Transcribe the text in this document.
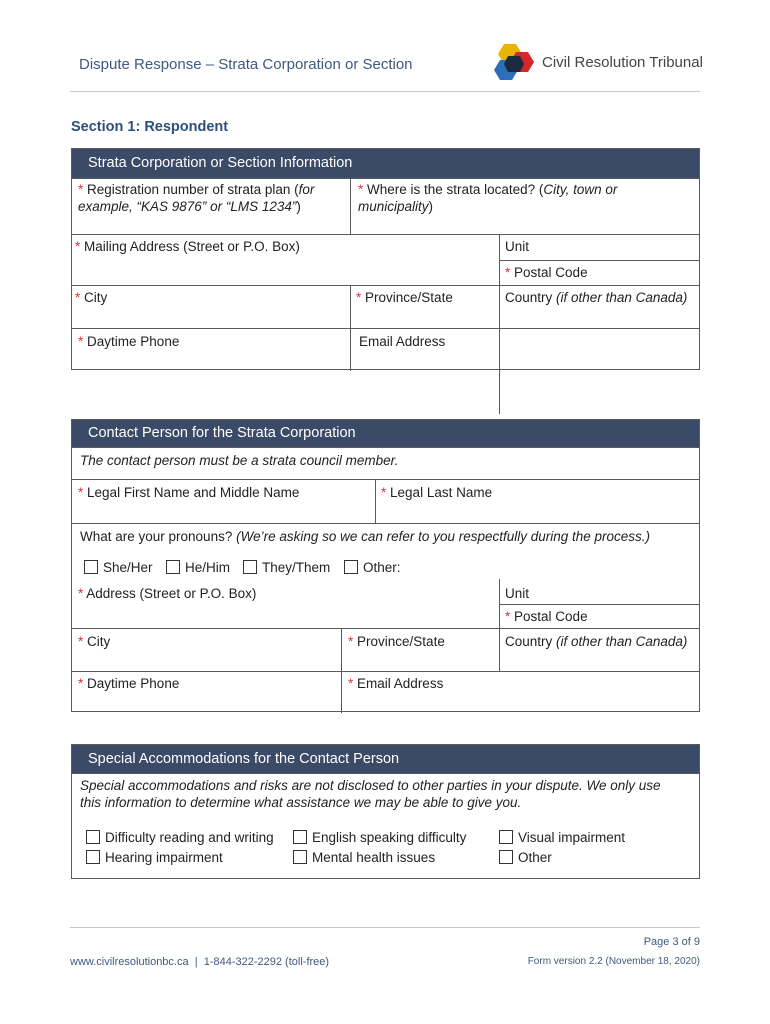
Dispute Response – Strata Corporation or Section	Civil Resolution Tribunal
Section 1: Respondent
Strata Corporation or Section Information
* Registration number of strata plan (for example, “KAS 9876” or “LMS 1234”)
* Where is the strata located? (City, town or municipality)
* Mailing Address (Street or P.O. Box)	Unit
* Postal Code
* City	* Province/State	Country (if other than Canada)
* Daytime Phone	Email Address
Contact Person for the Strata Corporation
The contact person must be a strata council member.
* Legal First Name and Middle Name	* Legal Last Name
What are your pronouns? (We’re asking so we can refer to you respectfully during the process.)
She/Her	He/Him	They/Them	Other:
* Address (Street or P.O. Box)	Unit
* Postal Code
* City	* Province/State	Country (if other than Canada)
* Daytime Phone	* Email Address
Special Accommodations for the Contact Person
Special accommodations and risks are not disclosed to other parties in your dispute. We only use
this information to determine what assistance we may be able to give you.
Difficulty reading and writing	English speaking difficulty	Visual impairment
Hearing impairment	Mental health issues	Other
Page 3 of 9
www.civilresolutionbc.ca | 1-844-322-2292 (toll-free)	Form version 2.2 (November 18, 2020)
